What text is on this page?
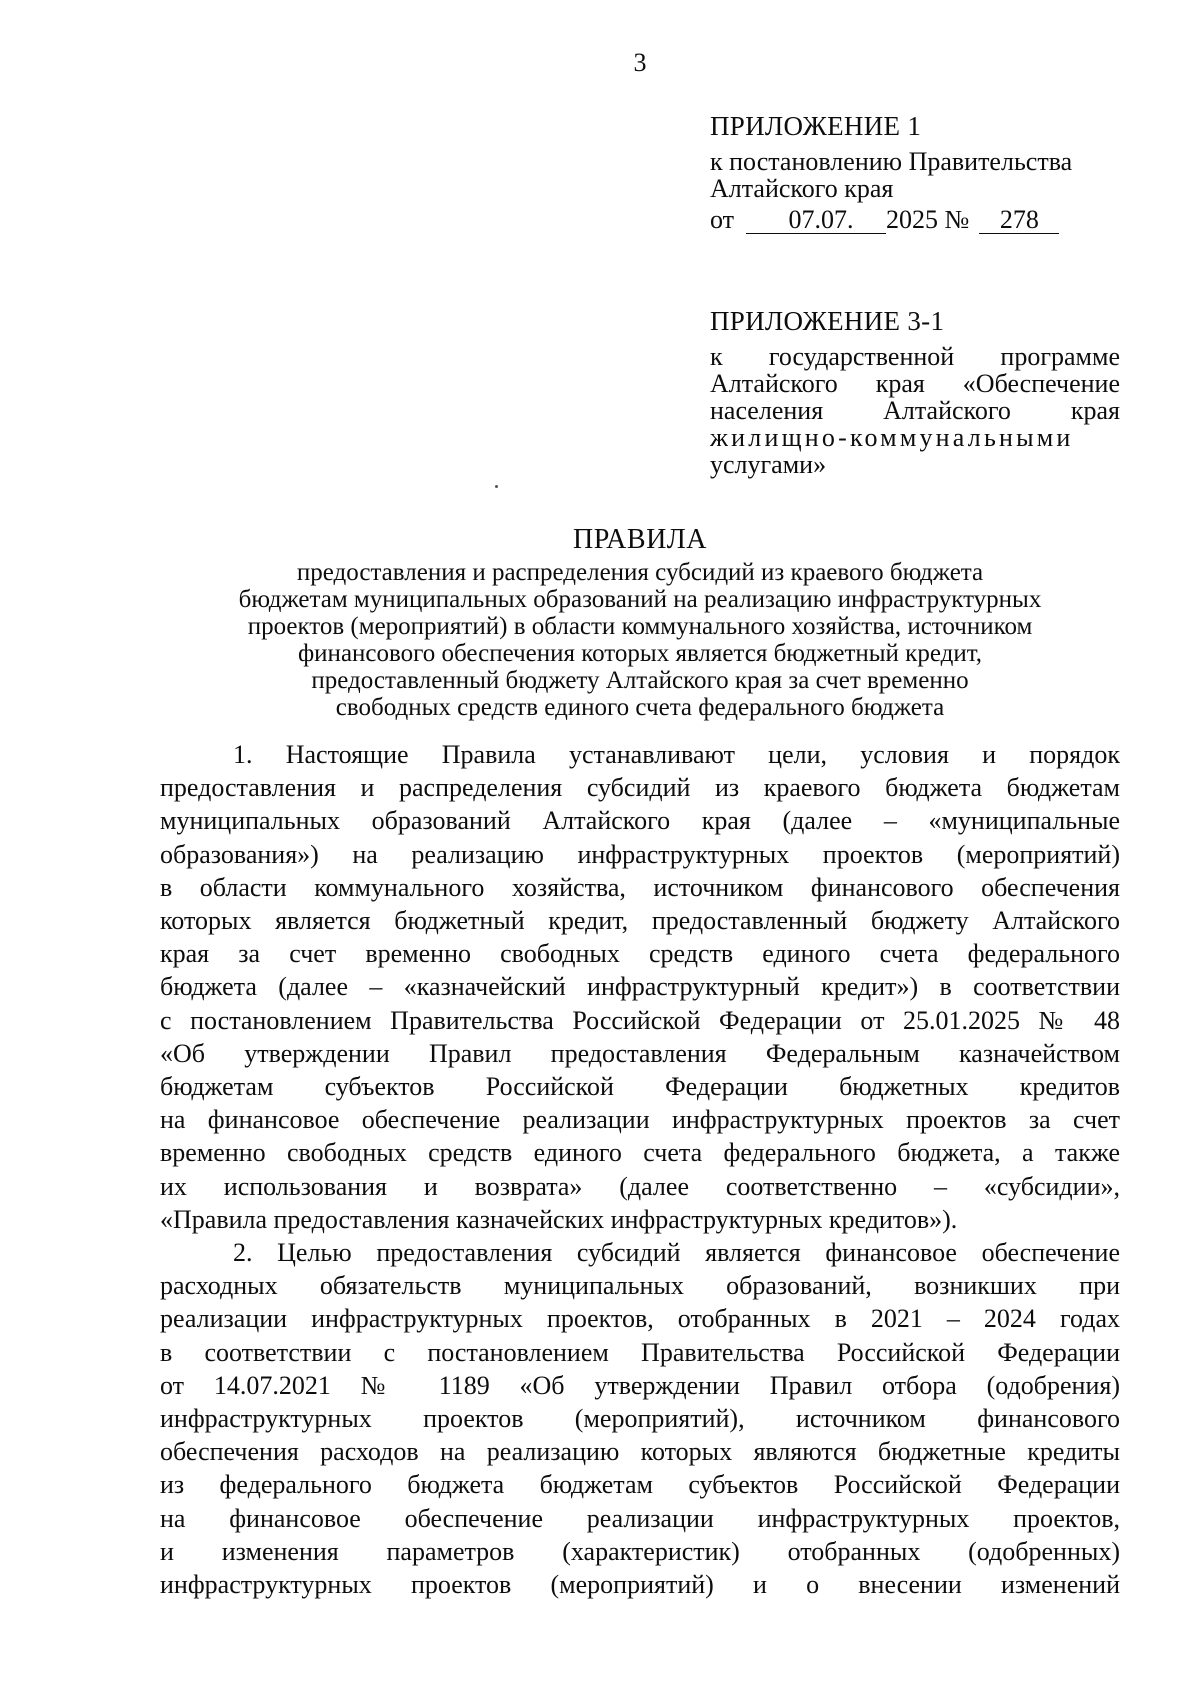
3
ПРИЛОЖЕНИЕ 1
к постановлению Правительства
Алтайского края
от	07.07.	2025 №	278
ПРИЛОЖЕНИЕ 3-1
к государственной программе
Алтайского края «Обеспечение
населения Алтайского края
жилищно-коммунальными
услугами»
ПРАВИЛА
предоставления и распределения субсидий из краевого бюджета
бюджетам муниципальных образований на реализацию инфраструктурных
проектов (мероприятий) в области коммунального хозяйства, источником
финансового обеспечения которых является бюджетный кредит,
предоставленный бюджету Алтайского края за счет временно
свободных средств единого счета федерального бюджета
1. Настоящие Правила устанавливают цели, условия и порядок
предоставления и распределения субсидий из краевого бюджета бюджетам
муниципальных образований Алтайского края (далее – «муниципальные
образования») на реализацию инфраструктурных проектов (мероприятий)
в области коммунального хозяйства, источником финансового обеспечения
которых является бюджетный кредит, предоставленный бюджету Алтайского
края за счет временно свободных средств единого счета федерального
бюджета (далее – «казначейский инфраструктурный кредит») в соответствии
с постановлением Правительства Российской Федерации от 25.01.2025 № 48
«Об утверждении Правил предоставления Федеральным казначейством
бюджетам субъектов Российской Федерации бюджетных кредитов
на финансовое обеспечение реализации инфраструктурных проектов за счет
временно свободных средств единого счета федерального бюджета, а также
их использования и возврата» (далее соответственно – «субсидии»,
«Правила предоставления казначейских инфраструктурных кредитов»).
2. Целью предоставления субсидий является финансовое обеспечение
расходных обязательств муниципальных образований, возникших при
реализации инфраструктурных проектов, отобранных в 2021 – 2024 годах
в соответствии с постановлением Правительства Российской Федерации
от 14.07.2021 № 1189 «Об утверждении Правил отбора (одобрения)
инфраструктурных проектов (мероприятий), источником финансового
обеспечения расходов на реализацию которых являются бюджетные кредиты
из федерального бюджета бюджетам субъектов Российской Федерации
на финансовое обеспечение реализации инфраструктурных проектов,
и изменения параметров (характеристик) отобранных (одобренных)
инфраструктурных проектов (мероприятий) и о внесении изменений
